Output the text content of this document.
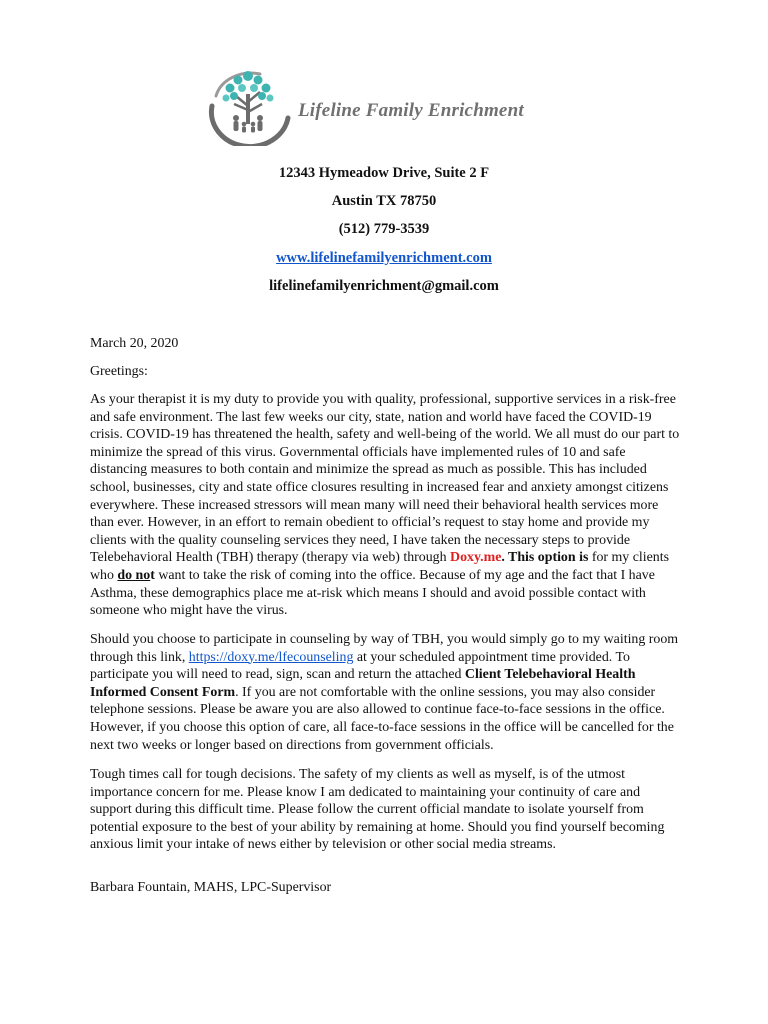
Lifeline Family Enrichment
12343 Hymeadow Drive, Suite 2 F
Austin TX 78750
(512) 779-3539
www.lifelinefamilyenrichment.com
lifelinefamilyenrichment@gmail.com
March 20, 2020
Greetings:
As your therapist it is my duty to provide you with quality, professional, supportive services in a risk-free and safe environment. The last few weeks our city, state, nation and world have faced the COVID-19 crisis. COVID-19 has threatened the health, safety and well-being of the world. We all must do our part to minimize the spread of this virus. Governmental officials have implemented rules of 10 and safe distancing measures to both contain and minimize the spread as much as possible. This has included school, businesses, city and state office closures resulting in increased fear and anxiety amongst citizens everywhere. These increased stressors will mean many will need their behavioral health services more than ever. However, in an effort to remain obedient to official’s request to stay home and provide my clients with the quality counseling services they need, I have taken the necessary steps to provide Telebehavioral Health (TBH) therapy (therapy via web) through Doxy.me. This option is for my clients who do not want to take the risk of coming into the office. Because of my age and the fact that I have Asthma, these demographics place me at-risk which means I should and avoid possible contact with someone who might have the virus.
Should you choose to participate in counseling by way of TBH, you would simply go to my waiting room through this link, https://doxy.me/lfecounseling at your scheduled appointment time provided. To participate you will need to read, sign, scan and return the attached Client Telebehavioral Health Informed Consent Form. If you are not comfortable with the online sessions, you may also consider telephone sessions. Please be aware you are also allowed to continue face-to-face sessions in the office. However, if you choose this option of care, all face-to-face sessions in the office will be cancelled for the next two weeks or longer based on directions from government officials.
Tough times call for tough decisions. The safety of my clients as well as myself, is of the utmost importance concern for me. Please know I am dedicated to maintaining your continuity of care and support during this difficult time. Please follow the current official mandate to isolate yourself from potential exposure to the best of your ability by remaining at home. Should you find yourself becoming anxious limit your intake of news either by television or other social media streams.
Barbara Fountain, MAHS, LPC-Supervisor
